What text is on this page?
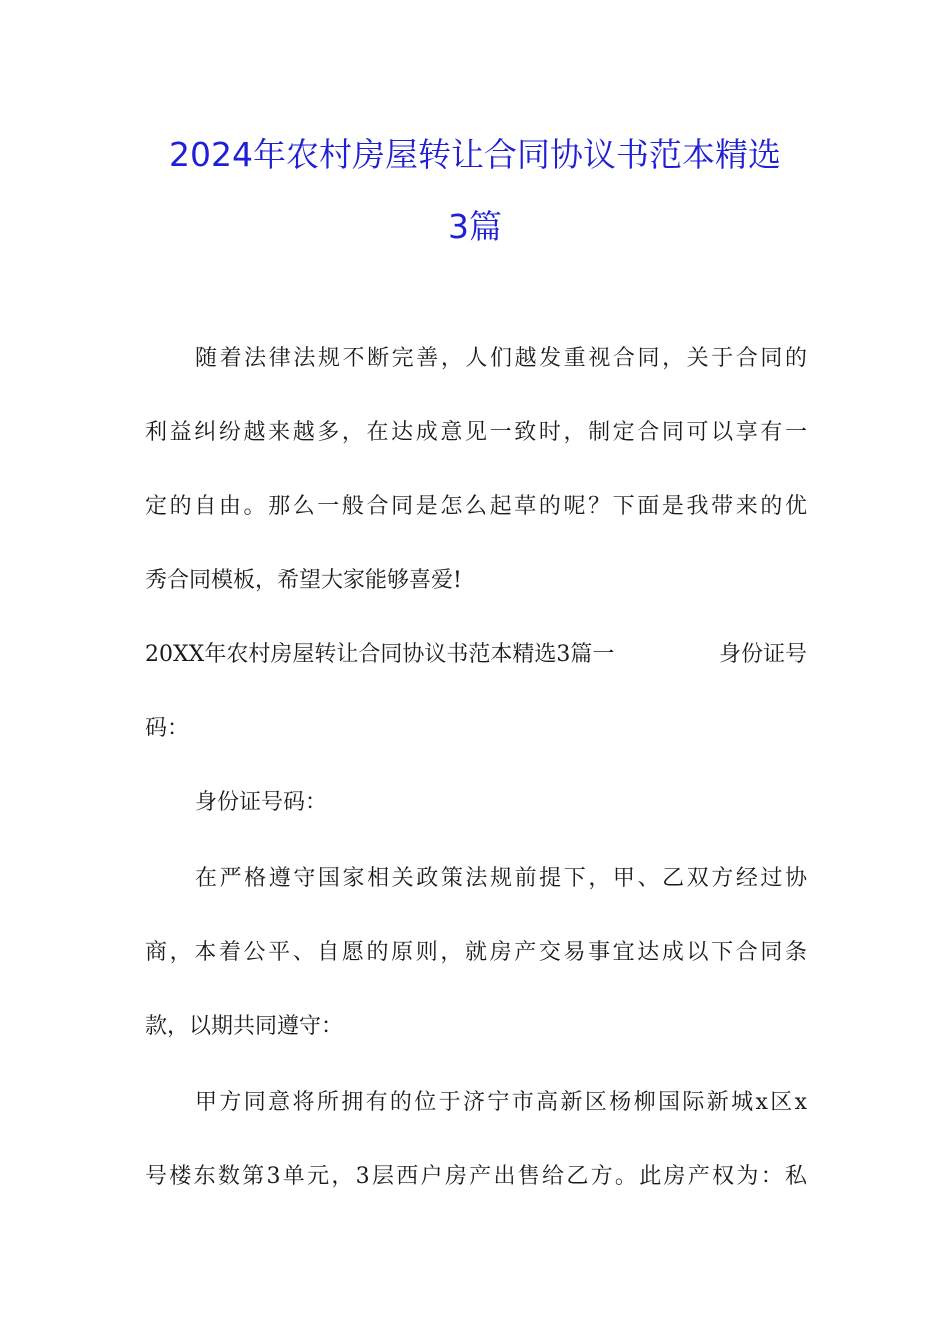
2024年农村房屋转让合同协议书范本精选
3篇

随着法律法规不断完善，人们越发重视合同，关于合同的

利益纠纷越来越多，在达成意见一致时，制定合同可以享有一

定的自由。那么一般合同是怎么起草的呢？下面是我带来的优

秀合同模板，希望大家能够喜爱!

20XX年农村房屋转让合同协议书范本精选3篇一	身份证号

码：

身份证号码：

在严格遵守国家相关政策法规前提下，甲、乙双方经过协

商，本着公平、自愿的原则，就房产交易事宜达成以下合同条

款，以期共同遵守：

甲方同意将所拥有的位于济宁市高新区杨柳国际新城x区x

号楼东数第3单元，3层西户房产出售给乙方。此房产权为：私
